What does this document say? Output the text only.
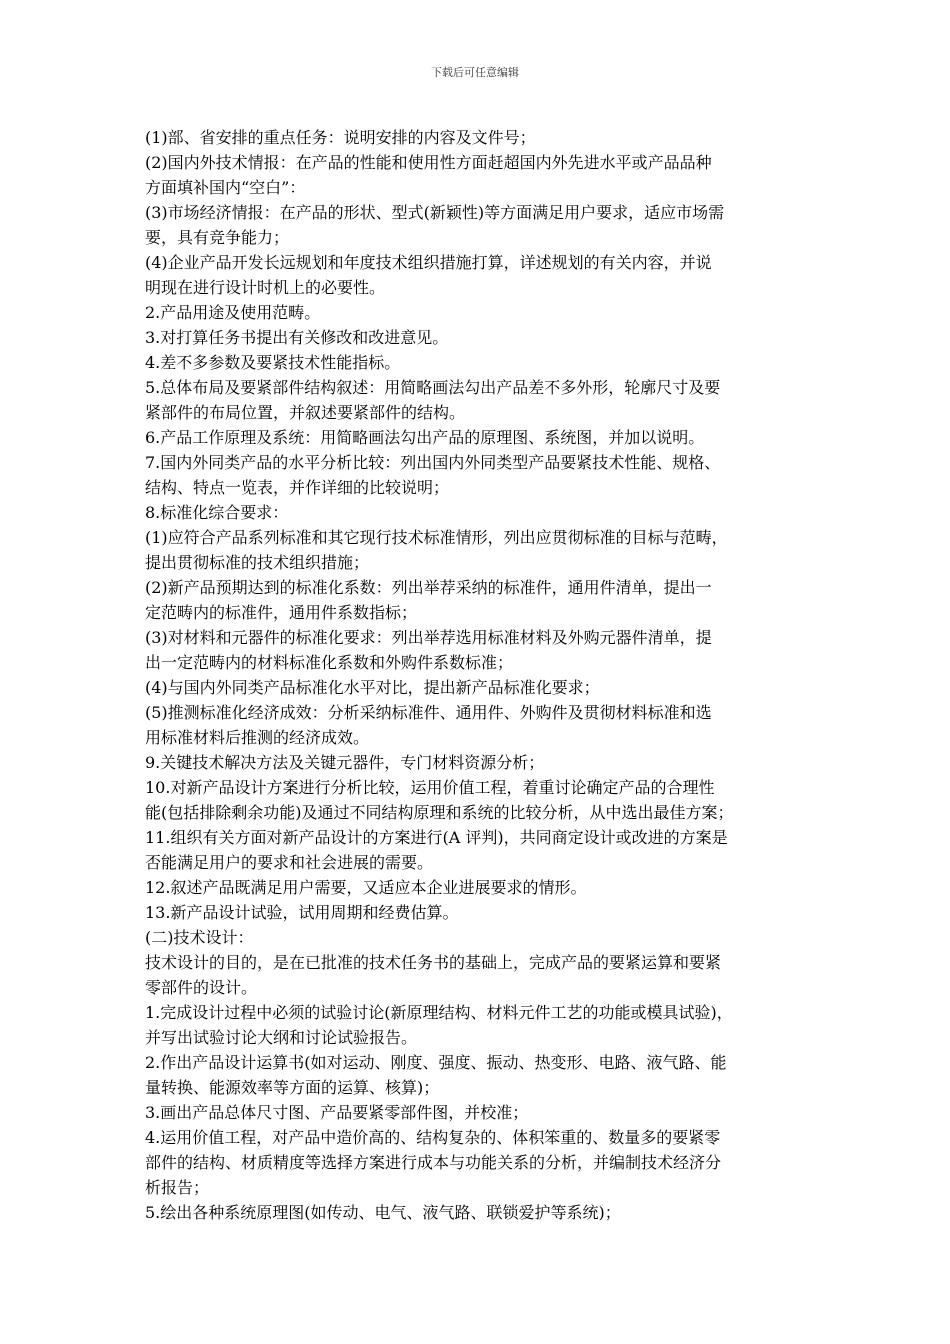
下载后可任意编辑
(1)部、省安排的重点任务：说明安排的内容及文件号；
(2)国内外技术情报：在产品的性能和使用性方面赶超国内外先进水平或产品品种
方面填补国内“空白”：
(3)市场经济情报：在产品的形状、型式(新颖性)等方面满足用户要求，适应市场需
要，具有竞争能力；
(4)企业产品开发长远规划和年度技术组织措施打算，详述规划的有关内容，并说
明现在进行设计时机上的必要性。
2.产品用途及使用范畴。
3.对打算任务书提出有关修改和改进意见。
4.差不多参数及要紧技术性能指标。
5.总体布局及要紧部件结构叙述：用简略画法勾出产品差不多外形，轮廓尺寸及要
紧部件的布局位置，并叙述要紧部件的结构。
6.产品工作原理及系统：用简略画法勾出产品的原理图、系统图，并加以说明。
7.国内外同类产品的水平分析比较：列出国内外同类型产品要紧技术性能、规格、
结构、特点一览表，并作详细的比较说明；
8.标准化综合要求：
(1)应符合产品系列标准和其它现行技术标准情形，列出应贯彻标准的目标与范畴，
提出贯彻标准的技术组织措施；
(2)新产品预期达到的标准化系数：列出举荐采纳的标准件，通用件清单，提出一
定范畴内的标准件，通用件系数指标；
(3)对材料和元器件的标准化要求：列出举荐选用标准材料及外购元器件清单，提
出一定范畴内的材料标准化系数和外购件系数标准；
(4)与国内外同类产品标准化水平对比，提出新产品标准化要求；
(5)推测标准化经济成效：分析采纳标准件、通用件、外购件及贯彻材料标准和选
用标准材料后推测的经济成效。
9.关键技术解决方法及关键元器件，专门材料资源分析；
10.对新产品设计方案进行分析比较，运用价值工程，着重讨论确定产品的合理性
能(包括排除剩余功能)及通过不同结构原理和系统的比较分析，从中选出最佳方案；
11.组织有关方面对新产品设计的方案进行(A 评判)，共同商定设计或改进的方案是
否能满足用户的要求和社会进展的需要。
12.叙述产品既满足用户需要，又适应本企业进展要求的情形。
13.新产品设计试验，试用周期和经费估算。
(二)技术设计：
技术设计的目的，是在已批准的技术任务书的基础上，完成产品的要紧运算和要紧
零部件的设计。
1.完成设计过程中必须的试验讨论(新原理结构、材料元件工艺的功能或模具试验)，
并写出试验讨论大纲和讨论试验报告。
2.作出产品设计运算书(如对运动、刚度、强度、振动、热变形、电路、液气路、能
量转换、能源效率等方面的运算、核算)；
3.画出产品总体尺寸图、产品要紧零部件图，并校准；
4.运用价值工程，对产品中造价高的、结构复杂的、体积笨重的、数量多的要紧零
部件的结构、材质精度等选择方案进行成本与功能关系的分析，并编制技术经济分
析报告；
5.绘出各种系统原理图(如传动、电气、液气路、联锁爱护等系统)；
